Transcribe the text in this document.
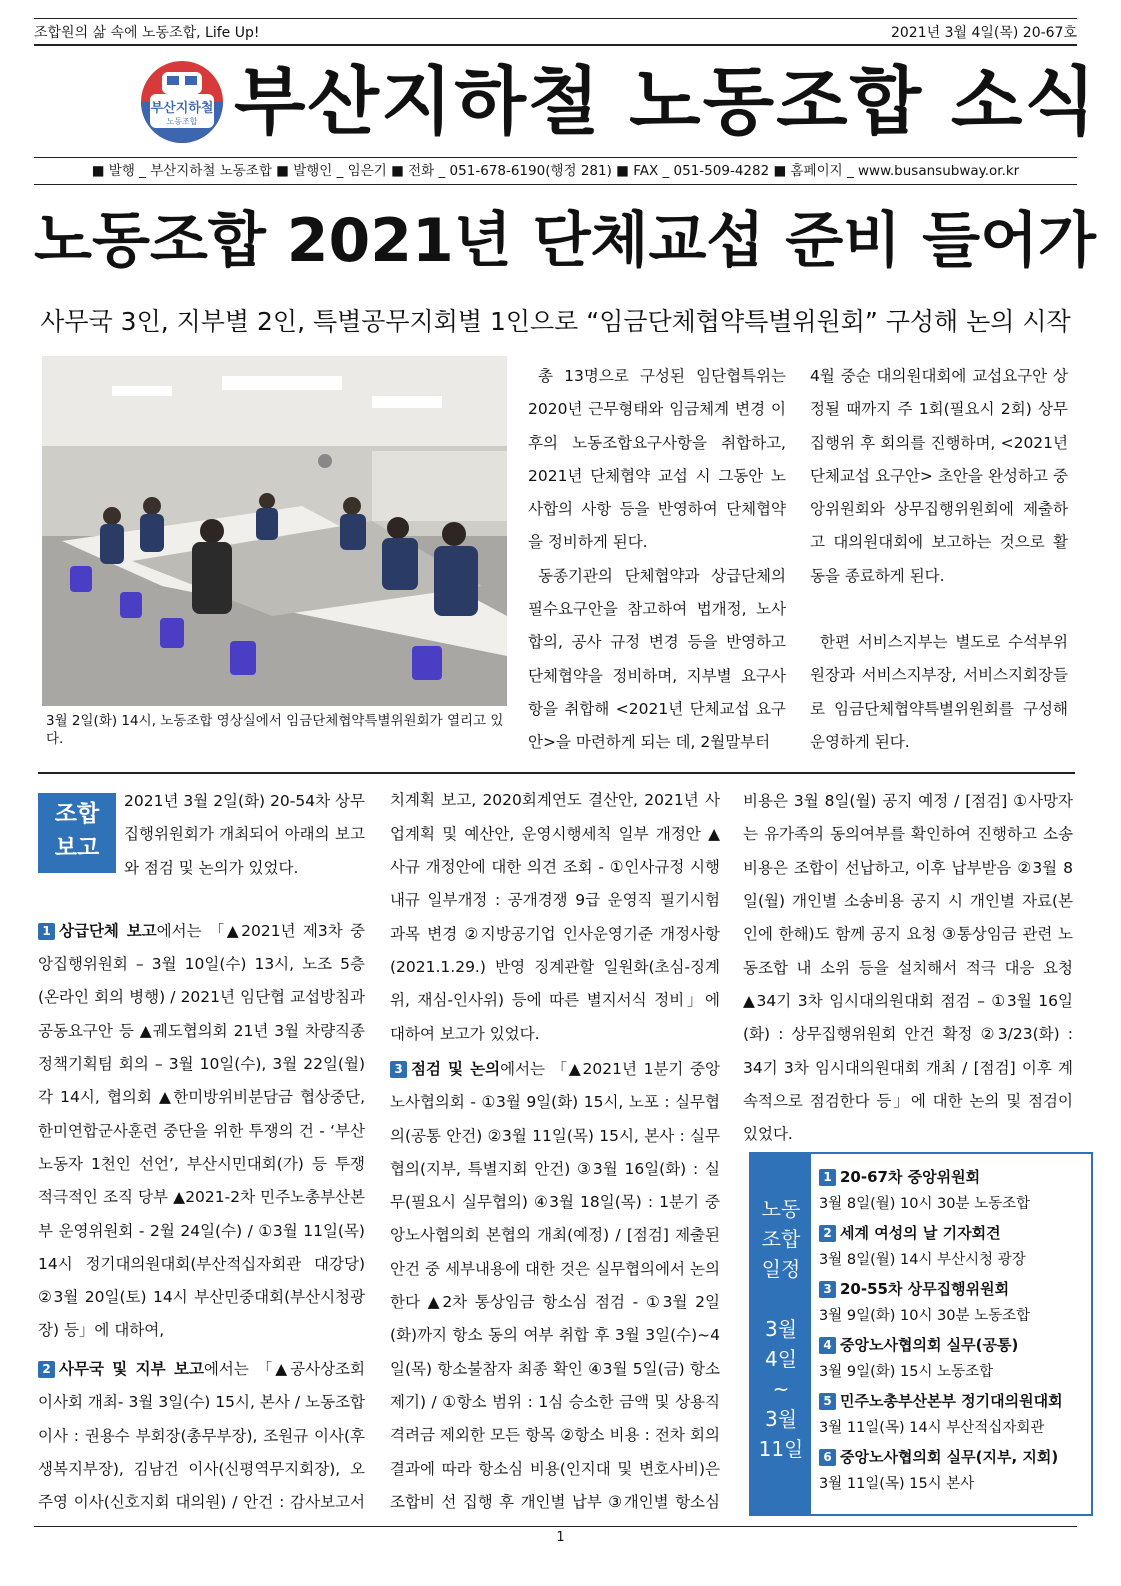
조합원의 삶 속에 노동조합, Life Up!	2021년 3월 4일(목) 20-67호
부산지하철
노동조합 부산지하철 노동조합 소식
■ 발행 _ 부산지하철 노동조합 ■ 발행인 _ 임은기 ■ 전화 _ 051-678-6190(행정 281) ■ FAX _ 051-509-4282 ■ 홈페이지 _ www.busansubway.or.kr
노동조합 2021년 단체교섭 준비 들어가
사무국 3인, 지부별 2인, 특별공무지회별 1인으로 “임금단체협약특별위원회” 구성해 논의 시작
3월 2일(화) 14시, 노동조합 영상실에서 임금단체협약특별위원회가 열리고 있다.

총 13명으로 구성된 임단협특위는 2020년 근무형태와 임금체계 변경 이후의 노동조합요구사항을 취합하고, 2021년 단체협약 교섭 시 그동안 노사합의 사항 등을 반영하여 단체협약을 정비하게 된다.

동종기관의 단체협약과 상급단체의 필수요구안을 참고하여 법개정, 노사합의, 공사 규정 변경 등을 반영하고 단체협약을 정비하며, 지부별 요구사항을 취합해 <2021년 단체교섭 요구안>을 마련하게 되는 데, 2월말부터

4월 중순 대의원대회에 교섭요구안 상정될 때까지 주 1회(필요시 2회) 상무집행위 후 회의를 진행하며, <2021년 단체교섭 요구안> 초안을 완성하고 중앙위원회와 상무집행위원회에 제출하고 대의원대회에 보고하는 것으로 활동을 종료하게 된다.

한편 서비스지부는 별도로 수석부위원장과 서비스지부장, 서비스지회장들로 임금단체협약특별위원회를 구성해 운영하게 된다.

조합
보고

2021년 3월 2일(화) 20-54차 상무집행위원회가 개최되어 아래의 보고와 점검 및 논의가 있었다.

1 상급단체 보고에서는 「▲2021년 제3차 중앙집행위원회 – 3월 10일(수) 13시, 노조 5층(온라인 회의 병행) / 2021년 임단협 교섭방침과 공동요구안 등 ▲궤도협의회 21년 3월 차량직종 정책기획팀 회의 – 3월 10일(수), 3월 22일(월) 각 14시, 협의회 ▲한미방위비분담금 협상중단, 한미연합군사훈련 중단을 위한 투쟁의 건 - ‘부산노동자 1천인 선언’, 부산시민대회(가) 등 투쟁 적극적인 조직 당부 ▲2021-2차 민주노총부산본부 운영위원회 - 2월 24일(수) / ①3월 11일(목) 14시 정기대의원대회(부산적십자회관 대강당) ②3월 20일(토) 14시 부산민중대회(부산시청광장) 등」에 대하여,

2 사무국 및 지부 보고에서는 「▲공사상조회 이사회 개최- 3월 3일(수) 15시, 본사 / 노동조합 이사 : 권용수 부회장(총무부장), 조원규 이사(후생복지부장), 김남건 이사(신평역무지회장), 오주영 이사(신호지회 대의원) / 안건 : 감사보고서

치계획 보고, 2020회계연도 결산안, 2021년 사업계획 및 예산안, 운영시행세칙 일부 개정안 ▲사규 개정안에 대한 의견 조회 - ①인사규정 시행내규 일부개정 : 공개경쟁 9급 운영직 필기시험 과목 변경 ②지방공기업 인사운영기준 개정사항(2021.1.29.) 반영 징계관할 일원화(초심-징계위, 재심-인사위) 등에 따른 별지서식 정비」에 대하여 보고가 있었다.

3 점검 및 논의에서는 「▲2021년 1분기 중앙노사협의회 - ①3월 9일(화) 15시, 노포 : 실무협의(공통 안건) ②3월 11일(목) 15시, 본사 : 실무협의(지부, 특별지회 안건) ③3월 16일(화) : 실무(필요시 실무협의) ④3월 18일(목) : 1분기 중앙노사협의회 본협의 개최(예정) / [점검] 제출된 안건 중 세부내용에 대한 것은 실무협의에서 논의한다 ▲2차 통상임금 항소심 점검 - ①3월 2일(화)까지 항소 동의 여부 취합 후 3월 3일(수)~4일(목) 항소불참자 최종 확인 ④3월 5일(금) 항소 제기) / ①항소 범위 : 1심 승소한 금액 및 상용직 격려금 제외한 모든 항목 ②항소 비용 : 전차 회의 결과에 따라 항소심 비용(인지대 및 변호사비)은 조합비 선 집행 후 개인별 납부 ③개인별 항소심

비용은 3월 8일(월) 공지 예정 / [점검] ①사망자는 유가족의 동의여부를 확인하여 진행하고 소송비용은 조합이 선납하고, 이후 납부받음 ②3월 8일(월) 개인별 소송비용 공지 시 개인별 자료(본인에 한해)도 함께 공지 요청 ③통상임금 관련 노동조합 내 소위 등을 설치해서 적극 대응 요청 ▲34기 3차 임시대의원대회 점검 – ①3월 16일(화) : 상무집행위원회 안건 확정 ②3/23(화) : 34기 3차 임시대의원대회 개최 / [점검] 이후 계속적으로 점검한다 등」에 대한 논의 및 점검이 있었다.

노동
조합
일정
3월
4일
~
3월
11일
1 20-67차 중앙위원회
3월 8일(월) 10시 30분 노동조합
2 세계 여성의 날 기자회견
3월 8일(월) 14시 부산시청 광장
3 20-55차 상무집행위원회
3월 9일(화) 10시 30분 노동조합
4 중앙노사협의회 실무(공통)
3월 9일(화) 15시 노동조합
5 민주노총부산본부 정기대의원대회
3월 11일(목) 14시 부산적십자회관
6 중앙노사협의회 실무(지부, 지회)
3월 11일(목) 15시 본사
1
